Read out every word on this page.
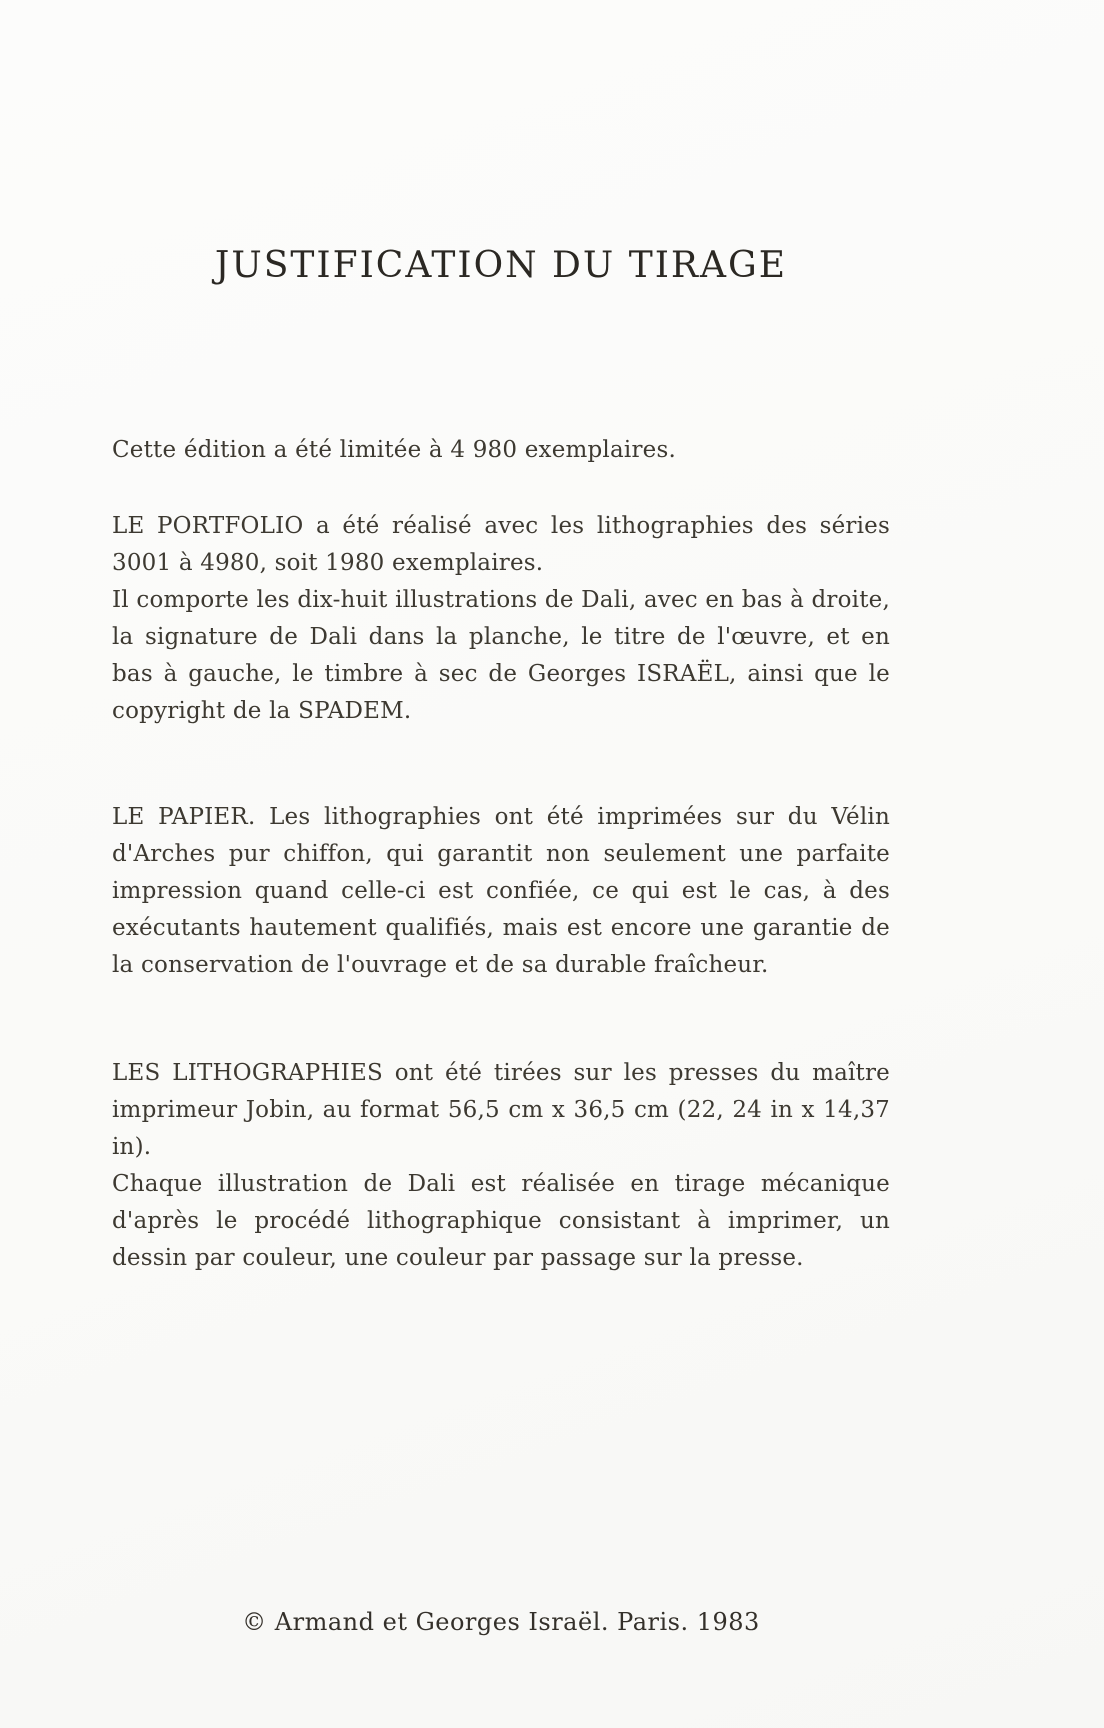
JUSTIFICATION DU TIRAGE

Cette édition a été limitée à 4 980 exemplaires.

LE PORTFOLIO a été réalisé avec les lithographies des séries 3001 à 4980, soit 1980 exemplaires.

Il comporte les dix-huit illustrations de Dali, avec en bas à droite, la signature de Dali dans la planche, le titre de l'œuvre, et en bas à gauche, le timbre à sec de Georges ISRAËL, ainsi que le copyright de la SPADEM.

LE PAPIER. Les lithographies ont été imprimées sur du Vélin d'Arches pur chiffon, qui garantit non seulement une parfaite impression quand celle-ci est confiée, ce qui est le cas, à des exécutants hautement qualifiés, mais est encore une garantie de la conservation de l'ouvrage et de sa durable fraîcheur.

LES LITHOGRAPHIES ont été tirées sur les presses du maître imprimeur Jobin, au format 56,5 cm x 36,5 cm (22, 24 in x 14,37 in).

Chaque illustration de Dali est réalisée en tirage mécanique d'après le procédé lithographique consistant à imprimer, un dessin par couleur, une couleur par passage sur la presse.

© Armand et Georges Israël. Paris. 1983
